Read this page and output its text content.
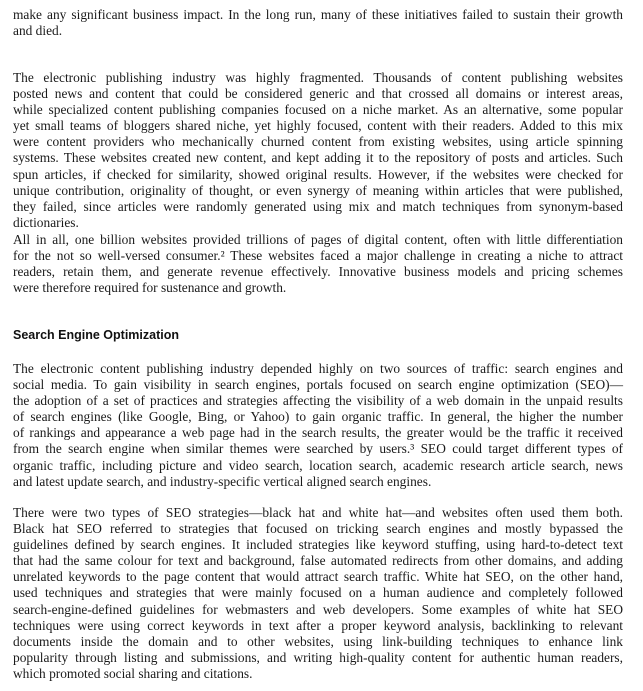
make any significant business impact. In the long run, many of these initiatives failed to sustain their growth
and died.
The electronic publishing industry was highly fragmented. Thousands of content publishing websites
posted news and content that could be considered generic and that crossed all domains or interest areas,
while specialized content publishing companies focused on a niche market. As an alternative, some popular
yet small teams of bloggers shared niche, yet highly focused, content with their readers. Added to this mix
were content providers who mechanically churned content from existing websites, using article spinning
systems. These websites created new content, and kept adding it to the repository of posts and articles. Such
spun articles, if checked for similarity, showed original results. However, if the websites were checked for
unique contribution, originality of thought, or even synergy of meaning within articles that were published,
they failed, since articles were randomly generated using mix and match techniques from synonym-based
dictionaries.
All in all, one billion websites provided trillions of pages of digital content, often with little differentiation
for the not so well-versed consumer.² These websites faced a major challenge in creating a niche to attract
readers, retain them, and generate revenue effectively. Innovative business models and pricing schemes
were therefore required for sustenance and growth.
Search Engine Optimization
The electronic content publishing industry depended highly on two sources of traffic: search engines and
social media. To gain visibility in search engines, portals focused on search engine optimization (SEO)—
the adoption of a set of practices and strategies affecting the visibility of a web domain in the unpaid results
of search engines (like Google, Bing, or Yahoo) to gain organic traffic. In general, the higher the number
of rankings and appearance a web page had in the search results, the greater would be the traffic it received
from the search engine when similar themes were searched by users.³ SEO could target different types of
organic traffic, including picture and video search, location search, academic research article search, news
and latest update search, and industry-specific vertical aligned search engines.
There were two types of SEO strategies—black hat and white hat—and websites often used them both.
Black hat SEO referred to strategies that focused on tricking search engines and mostly bypassed the
guidelines defined by search engines. It included strategies like keyword stuffing, using hard-to-detect text
that had the same colour for text and background, false automated redirects from other domains, and adding
unrelated keywords to the page content that would attract search traffic. White hat SEO, on the other hand,
used techniques and strategies that were mainly focused on a human audience and completely followed
search-engine-defined guidelines for webmasters and web developers. Some examples of white hat SEO
techniques were using correct keywords in text after a proper keyword analysis, backlinking to relevant
documents inside the domain and to other websites, using link-building techniques to enhance link
popularity through listing and submissions, and writing high-quality content for authentic human readers,
which promoted social sharing and citations.
